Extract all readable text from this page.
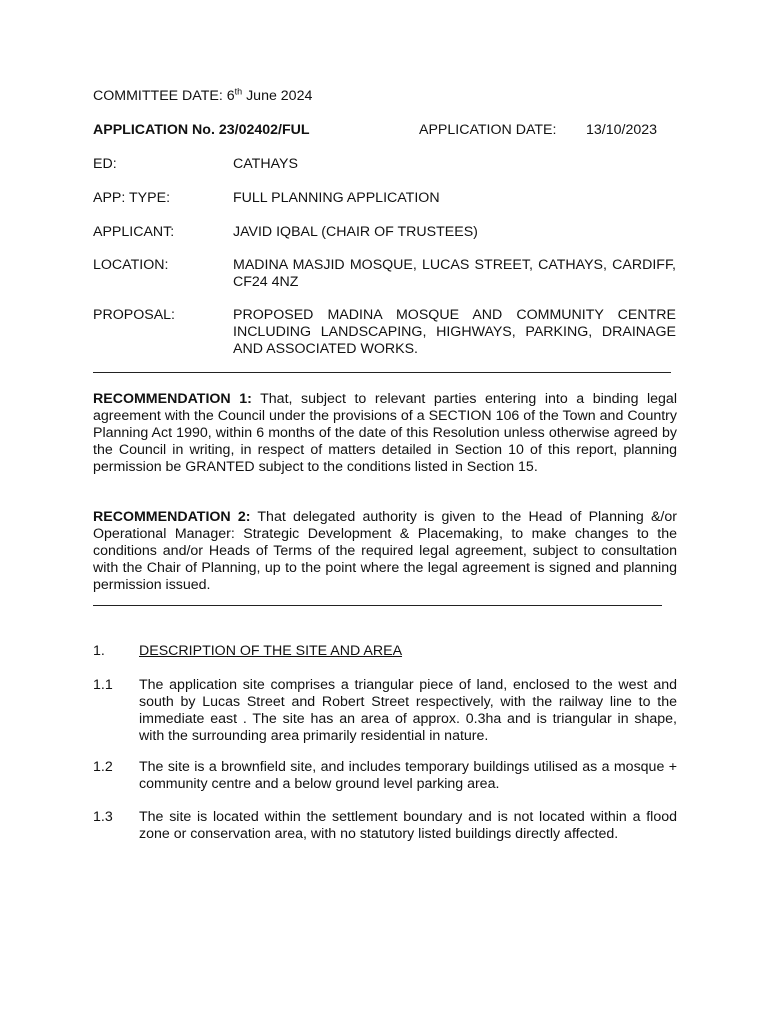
COMMITTEE DATE: 6th June 2024
APPLICATION No. 23/02402/FUL	APPLICATION DATE: 13/10/2023
ED:	CATHAYS
APP: TYPE:	FULL PLANNING APPLICATION
APPLICANT:	JAVID IQBAL (CHAIR OF TRUSTEES)
LOCATION:	MADINA MASJID MOSQUE, LUCAS STREET, CATHAYS, CARDIFF, CF24 4NZ
PROPOSAL:	PROPOSED MADINA MOSQUE AND COMMUNITY CENTRE INCLUDING LANDSCAPING, HIGHWAYS, PARKING, DRAINAGE AND ASSOCIATED WORKS.
RECOMMENDATION 1: That, subject to relevant parties entering into a binding legal agreement with the Council under the provisions of a SECTION 106 of the Town and Country Planning Act 1990, within 6 months of the date of this Resolution unless otherwise agreed by the Council in writing, in respect of matters detailed in Section 10 of this report, planning permission be GRANTED subject to the conditions listed in Section 15.
RECOMMENDATION 2: That delegated authority is given to the Head of Planning &/or Operational Manager: Strategic Development & Placemaking, to make changes to the conditions and/or Heads of Terms of the required legal agreement, subject to consultation with the Chair of Planning, up to the point where the legal agreement is signed and planning permission issued.
1. DESCRIPTION OF THE SITE AND AREA
1.1 The application site comprises a triangular piece of land, enclosed to the west and south by Lucas Street and Robert Street respectively, with the railway line to the immediate east . The site has an area of approx. 0.3ha and is triangular in shape, with the surrounding area primarily residential in nature.
1.2 The site is a brownfield site, and includes temporary buildings utilised as a mosque + community centre and a below ground level parking area.
1.3 The site is located within the settlement boundary and is not located within a flood zone or conservation area, with no statutory listed buildings directly affected.
